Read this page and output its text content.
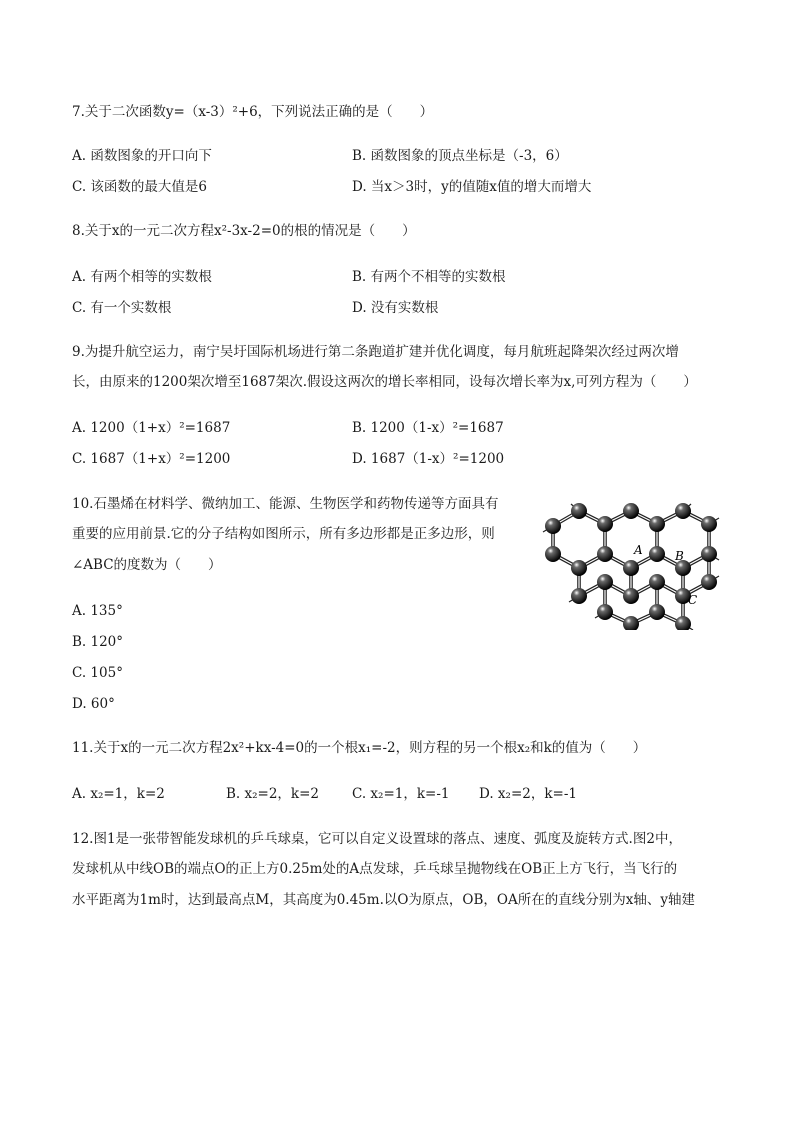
7.关于二次函数y=（x-3）²+6，下列说法正确的是（　　）
A. 函数图象的开口向下	B. 函数图象的顶点坐标是（-3，6）
C. 该函数的最大值是6	D. 当x＞3时，y的值随x值的增大而增大
8.关于x的一元二次方程x²-3x-2=0的根的情况是（　　）
A. 有两个相等的实数根	B. 有两个不相等的实数根
C. 有一个实数根	D. 没有实数根
9.为提升航空运力，南宁吴圩国际机场进行第二条跑道扩建并优化调度，每月航班起降架次经过两次增
长，由原来的1200架次增至1687架次.假设这两次的增长率相同，设每次增长率为x,可列方程为（　　）
A. 1200（1+x）²=1687	B. 1200（1-x）²=1687
C. 1687（1+x）²=1200	D. 1687（1-x）²=1200
10.石墨烯在材料学、微纳加工、能源、生物医学和药物传递等方面具有
重要的应用前景.它的分子结构如图所示，所有多边形都是正多边形，则
∠ABC的度数为（　　）
A. 135°
B. 120°
C. 105°
D. 60°
A	B
C
11.关于x的一元二次方程2x²+kx-4=0的一个根x₁=-2，则方程的另一个根x₂和k的值为（　　）
A. x₂=1，k=2	B. x₂=2，k=2 C. x₂=1，k=-1 D. x₂=2，k=-1
12.图1是一张带智能发球机的乒乓球桌，它可以自定义设置球的落点、速度、弧度及旋转方式.图2中，
发球机从中线OB的端点O的正上方0.25m处的A点发球，乒乓球呈抛物线在OB正上方飞行，当飞行的
水平距离为1m时，达到最高点M，其高度为0.45m.以O为原点，OB，OA所在的直线分别为x轴、y轴建
